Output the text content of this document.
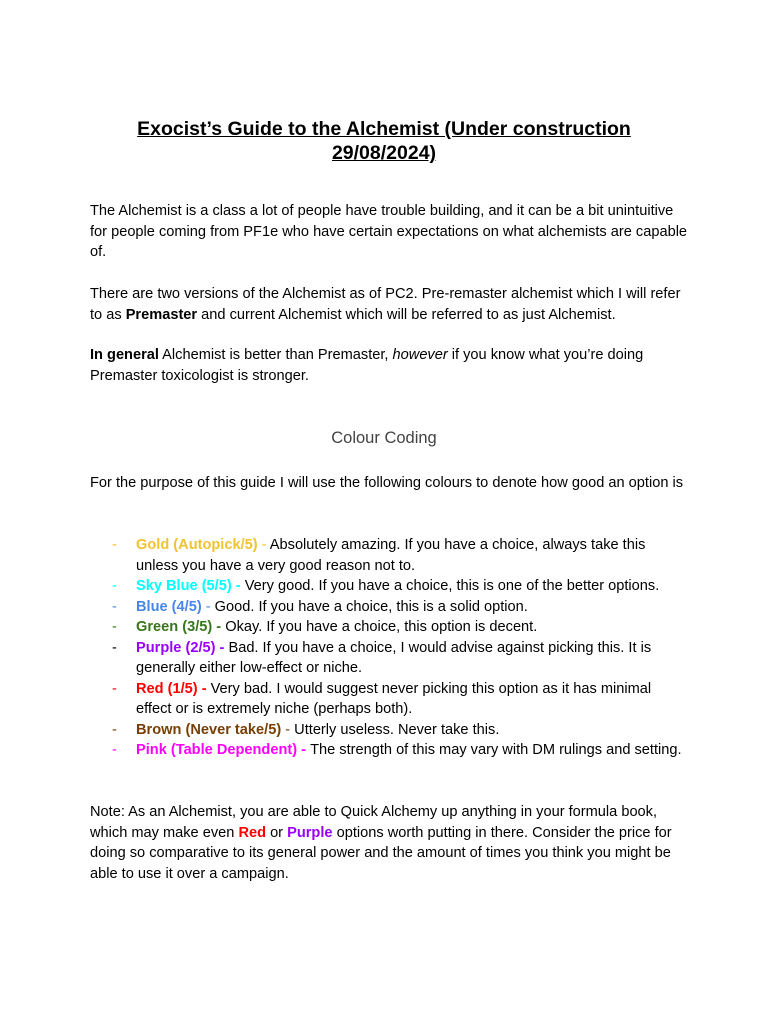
Exocist’s Guide to the Alchemist (Under construction 29/08/2024)
The Alchemist is a class a lot of people have trouble building, and it can be a bit unintuitive for people coming from PF1e who have certain expectations on what alchemists are capable of.
There are two versions of the Alchemist as of PC2. Pre-remaster alchemist which I will refer to as Premaster and current Alchemist which will be referred to as just Alchemist.
In general Alchemist is better than Premaster, however if you know what you’re doing Premaster toxicologist is stronger.
Colour Coding
For the purpose of this guide I will use the following colours to denote how good an option is
- Gold (Autopick/5) - Absolutely amazing. If you have a choice, always take this unless you have a very good reason not to.
- Sky Blue (5/5) - Very good. If you have a choice, this is one of the better options.
- Blue (4/5) - Good. If you have a choice, this is a solid option.
- Green (3/5) - Okay. If you have a choice, this option is decent.
- Purple (2/5) - Bad. If you have a choice, I would advise against picking this. It is generally either low-effect or niche.
- Red (1/5) - Very bad. I would suggest never picking this option as it has minimal effect or is extremely niche (perhaps both).
- Brown (Never take/5) - Utterly useless. Never take this.
- Pink (Table Dependent) - The strength of this may vary with DM rulings and setting.
Note: As an Alchemist, you are able to Quick Alchemy up anything in your formula book, which may make even Red or Purple options worth putting in there. Consider the price for doing so comparative to its general power and the amount of times you think you might be able to use it over a campaign.
